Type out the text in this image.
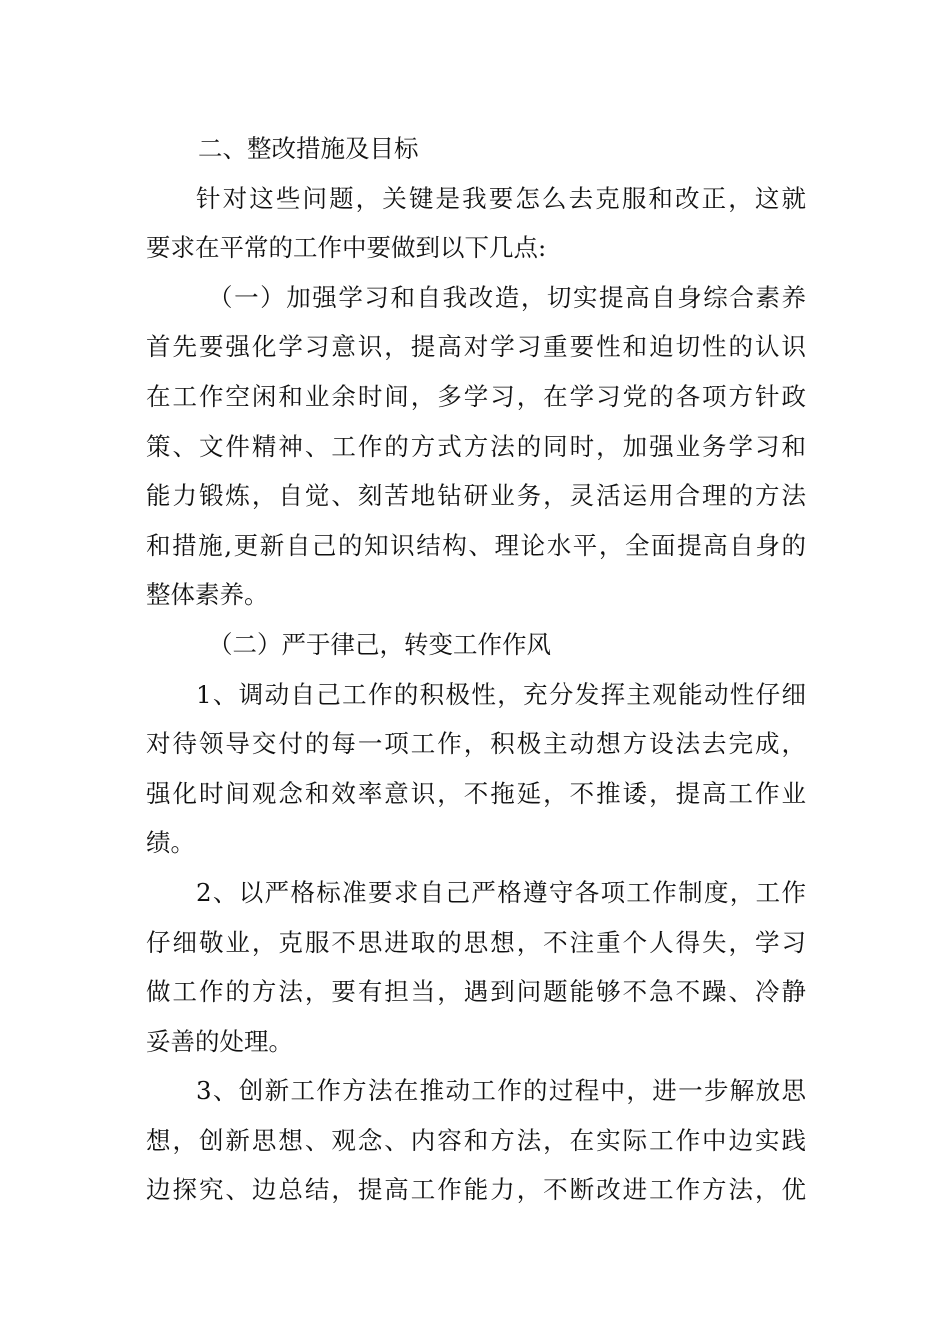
二、整改措施及目标
针对这些问题，关键是我要怎么去克服和改正，这就
要求在平常的工作中要做到以下几点:
（一）加强学习和自我改造，切实提高自身综合素养
首先要强化学习意识，提高对学习重要性和迫切性的认识
在工作空闲和业余时间，多学习，在学习党的各项方针政
策、文件精神、工作的方式方法的同时，加强业务学习和
能力锻炼，自觉、刻苦地钻研业务，灵活运用合理的方法
和措施,更新自己的知识结构、理论水平，全面提高自身的
整体素养。
（二）严于律己，转变工作作风
1、调动自己工作的积极性，充分发挥主观能动性仔细
对待领导交付的每一项工作，积极主动想方设法去完成，
强化时间观念和效率意识，不拖延，不推诿，提高工作业
绩。
2、以严格标准要求自己严格遵守各项工作制度，工作
仔细敬业，克服不思进取的思想，不注重个人得失，学习
做工作的方法，要有担当，遇到问题能够不急不躁、冷静
妥善的处理。
3、创新工作方法在推动工作的过程中，进一步解放思
想，创新思想、观念、内容和方法，在实际工作中边实践
边探究、边总结，提高工作能力，不断改进工作方法，优
